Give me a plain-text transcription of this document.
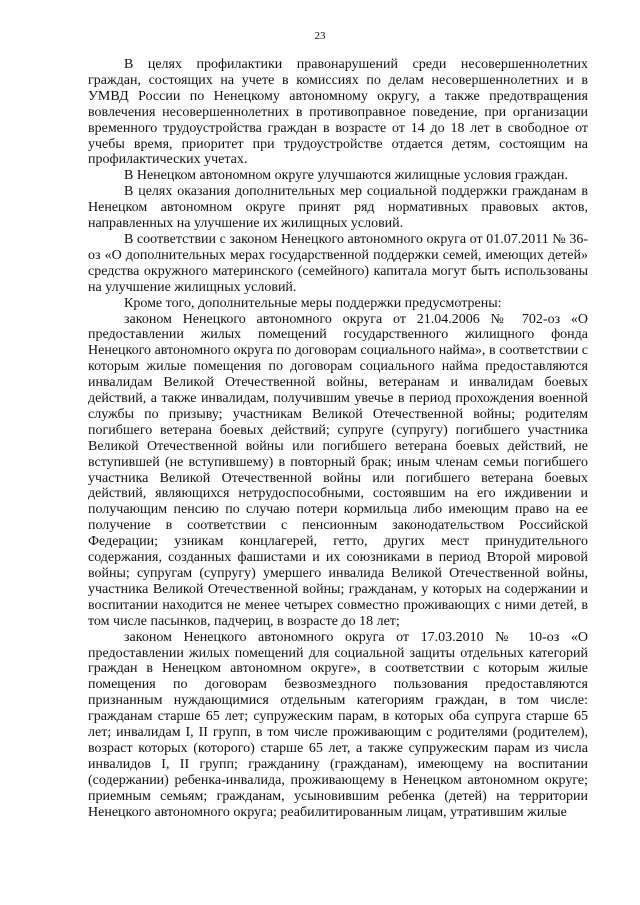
23

В целях профилактики правонарушений среди несовершеннолетних граждан, состоящих на учете в комиссиях по делам несовершеннолетних и в УМВД России по Ненецкому автономному округу, а также предотвращения вовлечения несовершеннолетних в противоправное поведение, при организации временного трудоустройства граждан в возрасте от 14 до 18 лет в свободное от учебы время, приоритет при трудоустройстве отдается детям, состоящим на профилактических учетах.

В Ненецком автономном округе улучшаются жилищные условия граждан.

В целях оказания дополнительных мер социальной поддержки гражданам в Ненецком автономном округе принят ряд нормативных правовых актов, направленных на улучшение их жилищных условий.

В соответствии с законом Ненецкого автономного округа от 01.07.2011 № 36-оз «О дополнительных мерах государственной поддержки семей, имеющих детей» средства окружного материнского (семейного) капитала могут быть использованы на улучшение жилищных условий.

Кроме того, дополнительные меры поддержки предусмотрены:

законом Ненецкого автономного округа от 21.04.2006 № 702-оз «О предоставлении жилых помещений государственного жилищного фонда Ненецкого автономного округа по договорам социального найма», в соответствии с которым жилые помещения по договорам социального найма предоставляются инвалидам Великой Отечественной войны, ветеранам и инвалидам боевых действий, а также инвалидам, получившим увечье в период прохождения военной службы по призыву; участникам Великой Отечественной войны; родителям погибшего ветерана боевых действий; супруге (супругу) погибшего участника Великой Отечественной войны или погибшего ветерана боевых действий, не вступившей (не вступившему) в повторный брак; иным членам семьи погибшего участника Великой Отечественной войны или погибшего ветерана боевых действий, являющихся нетрудоспособными, состоявшим на его иждивении и получающим пенсию по случаю потери кормильца либо имеющим право на ее получение в соответствии с пенсионным законодательством Российской Федерации; узникам концлагерей, гетто, других мест принудительного содержания, созданных фашистами и их союзниками в период Второй мировой войны; супругам (супругу) умершего инвалида Великой Отечественной войны, участника Великой Отечественной войны; гражданам, у которых на содержании и воспитании находится не менее четырех совместно проживающих с ними детей, в том числе пасынков, падчериц, в возрасте до 18 лет;

законом Ненецкого автономного округа от 17.03.2010 № 10-оз «О предоставлении жилых помещений для социальной защиты отдельных категорий граждан в Ненецком автономном округе», в соответствии с которым жилые помещения по договорам безвозмездного пользования предоставляются признанным нуждающимися отдельным категориям граждан, в том числе: гражданам старше 65 лет; супружеским парам, в которых оба супруга старше 65 лет; инвалидам I, II групп, в том числе проживающим с родителями (родителем), возраст которых (которого) старше 65 лет, а также супружеским парам из числа инвалидов I, II групп; гражданину (гражданам), имеющему на воспитании (содержании) ребенка-инвалида, проживающему в Ненецком автономном округе; приемным семьям; гражданам, усыновившим ребенка (детей) на территории Ненецкого автономного округа; реабилитированным лицам, утратившим жилые
